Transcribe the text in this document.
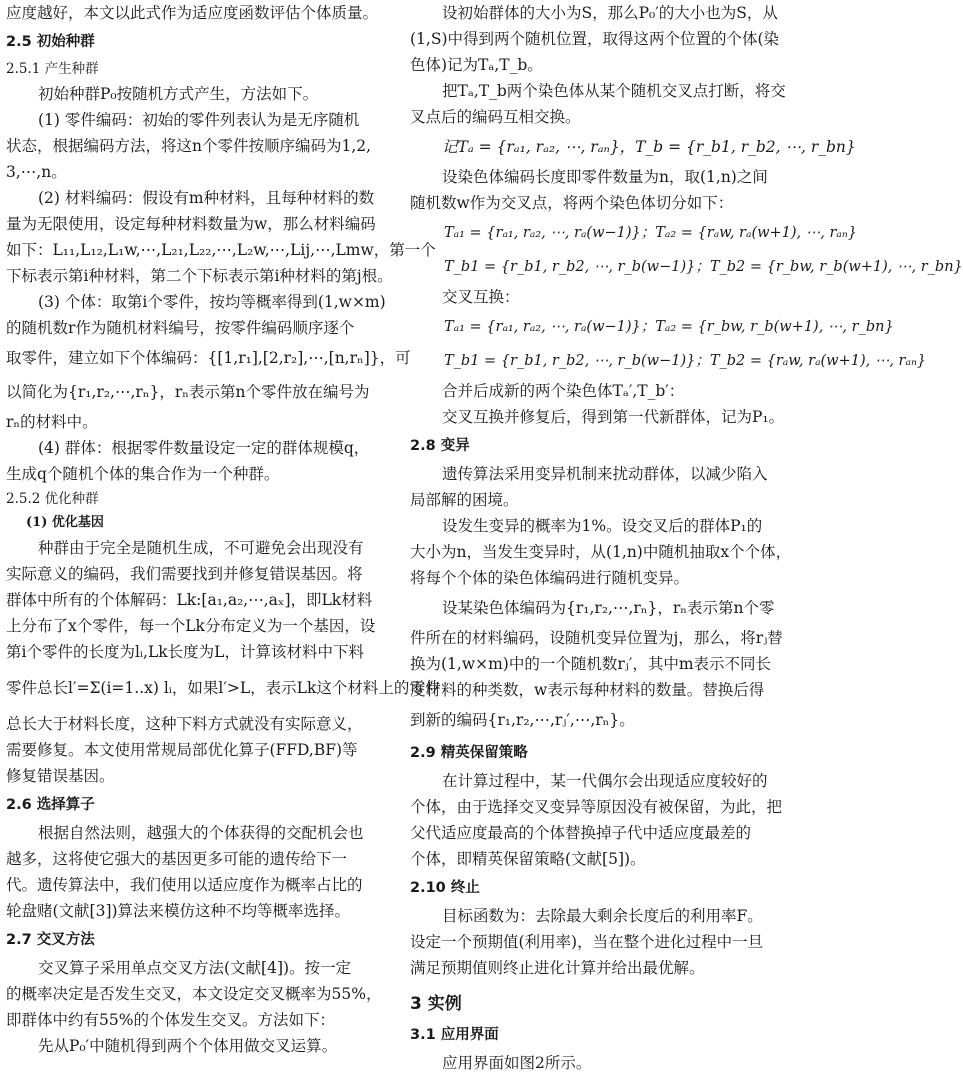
应度越好，本文以此式作为适应度函数评估个体质量。
2.5 初始种群
2.5.1 产生种群
初始种群P₀按随机方式产生，方法如下。
(1) 零件编码：初始的零件列表认为是无序随机
状态，根据编码方法，将这n个零件按顺序编码为1,2,
3,⋯,n。
(2) 材料编码：假设有m种材料，且每种材料的数
量为无限使用，设定每种材料数量为w，那么材料编码
如下：L₁₁,L₁₂,L₁w,⋯,L₂₁,L₂₂,⋯,L₂w,⋯,Lij,⋯,Lmw，第一个
下标表示第i种材料，第二个下标表示第i种材料的第j根。
(3) 个体：取第i个零件，按均等概率得到(1,w×m)
的随机数r作为随机材料编号，按零件编码顺序逐个
取零件，建立如下个体编码：{[1,r₁],[2,r₂],⋯,[n,rₙ]}，可
以简化为{r₁,r₂,⋯,rₙ}，rₙ表示第n个零件放在编号为
rₙ的材料中。
(4) 群体：根据零件数量设定一定的群体规模q，
生成q个随机个体的集合作为一个种群。
2.5.2 优化种群
(1) 优化基因
种群由于完全是随机生成，不可避免会出现没有
实际意义的编码，我们需要找到并修复错误基因。将
群体中所有的个体解码：Lk:[a₁,a₂,⋯,aₓ]，即Lk材料
上分布了x个零件，每一个Lk分布定义为一个基因，设
第i个零件的长度为lᵢ,Lk长度为L，计算该材料中下料
零件总长l′=Σ(i=1..x) lᵢ，如果l′>L，表示Lk这个材料上的零件
总长大于材料长度，这种下料方式就没有实际意义，
需要修复。本文使用常规局部优化算子(FFD,BF)等
修复错误基因。
2.6 选择算子
根据自然法则，越强大的个体获得的交配机会也
越多，这将使它强大的基因更多可能的遗传给下一
代。遗传算法中，我们使用以适应度作为概率占比的
轮盘赌(文献[3])算法来模仿这种不均等概率选择。
2.7 交叉方法
交叉算子采用单点交叉方法(文献[4])。按一定
的概率决定是否发生交叉，本文设定交叉概率为55%，
即群体中约有55%的个体发生交叉。方法如下：
先从P₀′中随机得到两个个体用做交叉运算。
设初始群体的大小为S，那么P₀′的大小也为S，从
(1,S)中得到两个随机位置，取得这两个位置的个体(染
色体)记为Tₐ,T_b。
把Tₐ,T_b两个染色体从某个随机交叉点打断，将交
叉点后的编码互相交换。
记Tₐ = {rₐ₁, rₐ₂, ⋯, rₐₙ}，T_b = {r_b1, r_b2, ⋯, r_bn}
设染色体编码长度即零件数量为n，取(1,n)之间
随机数w作为交叉点，将两个染色体切分如下：
Tₐ₁ = {rₐ₁, rₐ₂, ⋯, rₐ(w−1)}；Tₐ₂ = {rₐw, rₐ(w+1), ⋯, rₐₙ}
T_b1 = {r_b1, r_b2, ⋯, r_b(w−1)}；T_b2 = {r_bw, r_b(w+1), ⋯, r_bn}
交叉互换：
Tₐ₁ = {rₐ₁, rₐ₂, ⋯, rₐ(w−1)}；Tₐ₂ = {r_bw, r_b(w+1), ⋯, r_bn}
T_b1 = {r_b1, r_b2, ⋯, r_b(w−1)}；T_b2 = {rₐw, rₐ(w+1), ⋯, rₐₙ}
合并后成新的两个染色体Tₐ′,T_b′：
交叉互换并修复后，得到第一代新群体，记为P₁。
2.8 变异
遗传算法采用变异机制来扰动群体，以减少陷入
局部解的困境。
设发生变异的概率为1%。设交叉后的群体P₁的
大小为n，当发生变异时，从(1,n)中随机抽取x个个体，
将每个个体的染色体编码进行随机变异。
设某染色体编码为{r₁,r₂,⋯,rₙ}，rₙ表示第n个零
件所在的材料编码，设随机变异位置为j，那么，将rⱼ替
换为(1,w×m)中的一个随机数rⱼ′，其中m表示不同长
度材料的种类数，w表示每种材料的数量。替换后得
到新的编码{r₁,r₂,⋯,rⱼ′,⋯,rₙ}。
2.9 精英保留策略
在计算过程中，某一代偶尔会出现适应度较好的
个体，由于选择交叉变异等原因没有被保留，为此，把
父代适应度最高的个体替换掉子代中适应度最差的
个体，即精英保留策略(文献[5])。
2.10 终止
目标函数为：去除最大剩余长度后的利用率F。
设定一个预期值(利用率)，当在整个进化过程中一旦
满足预期值则终止进化计算并给出最优解。
3 实例
3.1 应用界面
应用界面如图2所示。
